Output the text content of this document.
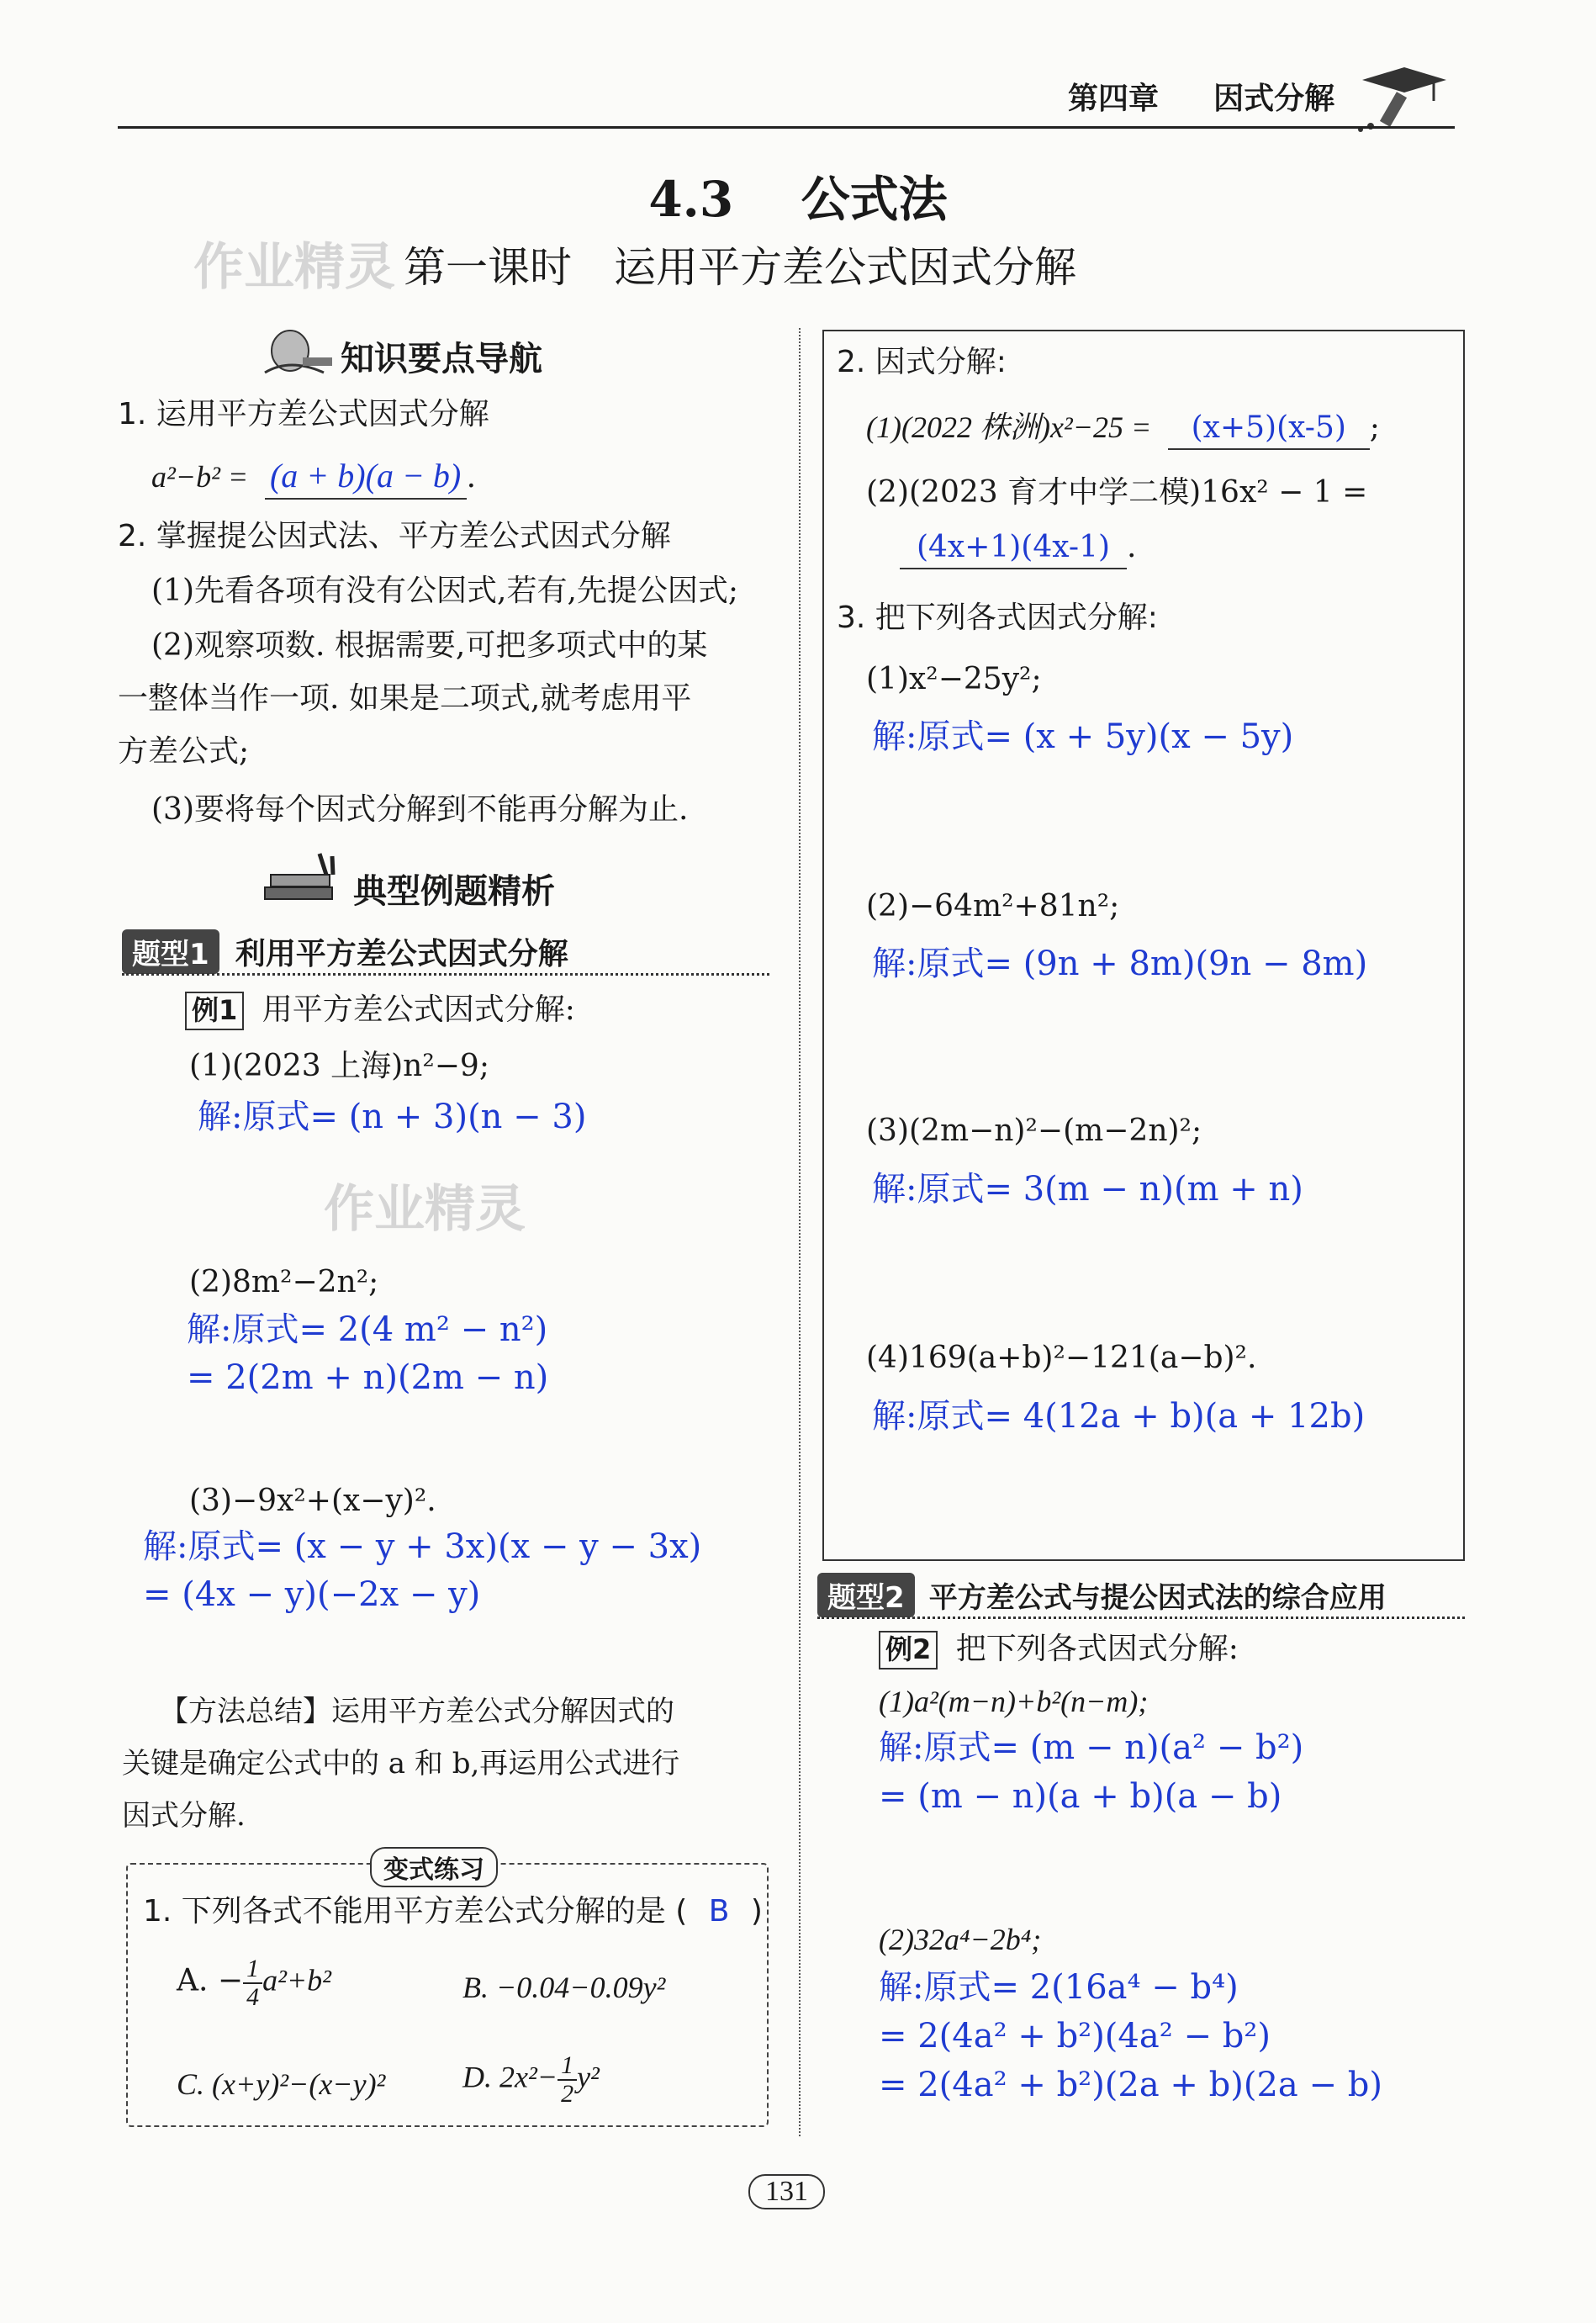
第四章 因式分解
4.3 公式法
作业精灵 第一课时　运用平方差公式因式分解
知识要点导航
1. 运用平方差公式因式分解
a²−b² = (a + b)(a − b) .
2. 掌握提公因式法、平方差公式因式分解
(1)先看各项有没有公因式,若有,先提公因式;
(2)观察项数. 根据需要,可把多项式中的某
一整体当作一项. 如果是二项式,就考虑用平
方差公式;
(3)要将每个因式分解到不能再分解为止.
典型例题精析
题型1 利用平方差公式因式分解
例1 用平方差公式因式分解:
(1)(2023 上海)n²−9;
解:原式= (n + 3)(n − 3)
作业精灵
(2)8m²−2n²;
解:原式= 2(4 m² − n²)
= 2(2m + n)(2m − n)
(3)−9x²+(x−y)².
解:原式= (x − y + 3x)(x − y − 3x)
= (4x − y)(−2x − y)
【方法总结】运用平方差公式分解因式的
关键是确定公式中的 a 和 b,再运用公式进行
因式分解.
变式练习
1. 下列各式不能用平方差公式分解的是 ( B )
A. − $\frac{1}{4} a^2+b^2$	B. −0.04−0.09y²
C. (x+y)²−(x−y)²	D. $2x^2- \frac{1}{2} y^2$
2. 因式分解:
(1)(2022 株洲)x²−25 = (x+5)(x-5) ;
(2)(2023 育才中学二模)16x² − 1 =
(4x+1)(4x-1) .
3. 把下列各式因式分解:
(1)x²−25y²;
解:原式= (x + 5y)(x − 5y)
(2)−64m²+81n²;
解:原式= (9n + 8m)(9n − 8m)
(3)(2m−n)²−(m−2n)²;
解:原式= 3(m − n)(m + n)
(4)169(a+b)²−121(a−b)².
解:原式= 4(12a + b)(a + 12b)
题型2 平方差公式与提公因式法的综合应用
例2 把下列各式因式分解:
(1)a²(m−n)+b²(n−m);
解:原式= (m − n)(a² − b²)
= (m − n)(a + b)(a − b)
(2)32a⁴−2b⁴;
解:原式= 2(16a⁴ − b⁴)
= 2(4a² + b²)(4a² − b²)
= 2(4a² + b²)(2a + b)(2a − b)
131
